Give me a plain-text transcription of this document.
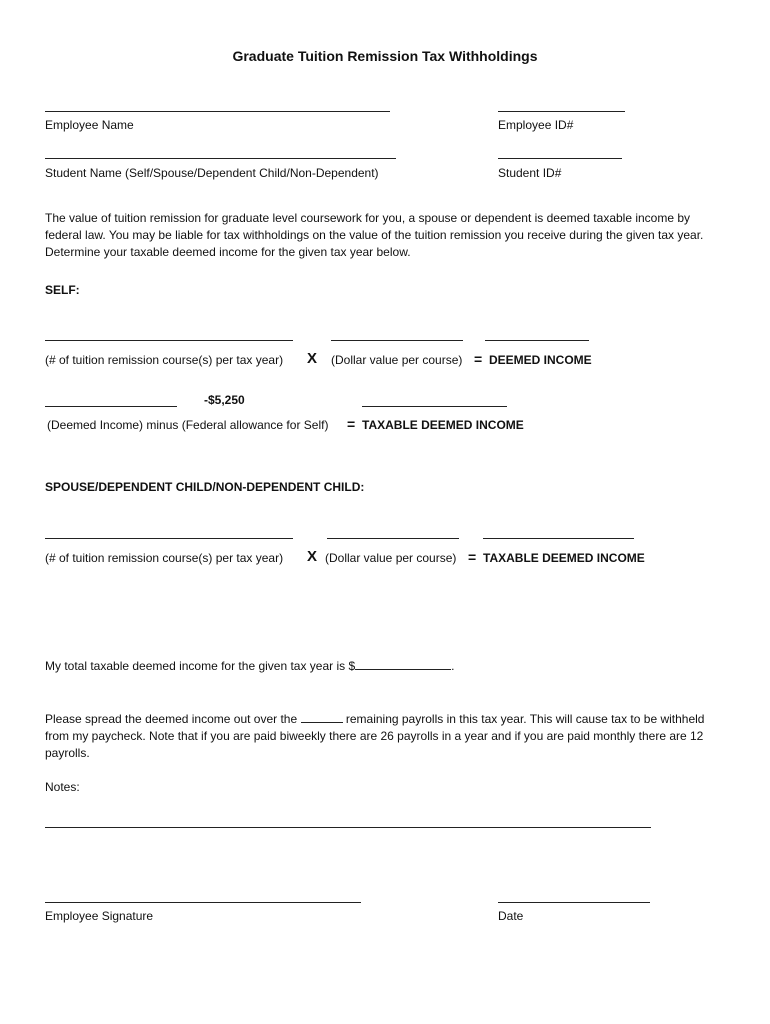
Graduate Tuition Remission Tax Withholdings
Employee Name	Employee ID#
Student Name (Self/Spouse/Dependent Child/Non-Dependent)	Student ID#
The value of tuition remission for graduate level coursework for you, a spouse or dependent is deemed taxable income by federal law. You may be liable for tax withholdings on the value of the tuition remission you receive during the given tax year. Determine your taxable deemed income for the given tax year below.
SELF:
(# of tuition remission course(s) per tax year) X (Dollar value per course) = DEEMED INCOME
-$5,250
(Deemed Income) minus (Federal allowance for Self) = TAXABLE DEEMED INCOME
SPOUSE/DEPENDENT CHILD/NON-DEPENDENT CHILD:
(# of tuition remission course(s) per tax year) X (Dollar value per course) = TAXABLE DEEMED INCOME
My total taxable deemed income for the given tax year is $	.
Please spread the deemed income out over the	remaining payrolls in this tax year. This will cause tax to be withheld from my paycheck. Note that if you are paid biweekly there are 26 payrolls in a year and if you are paid monthly there are 12 payrolls.
Notes:
Employee Signature	Date
